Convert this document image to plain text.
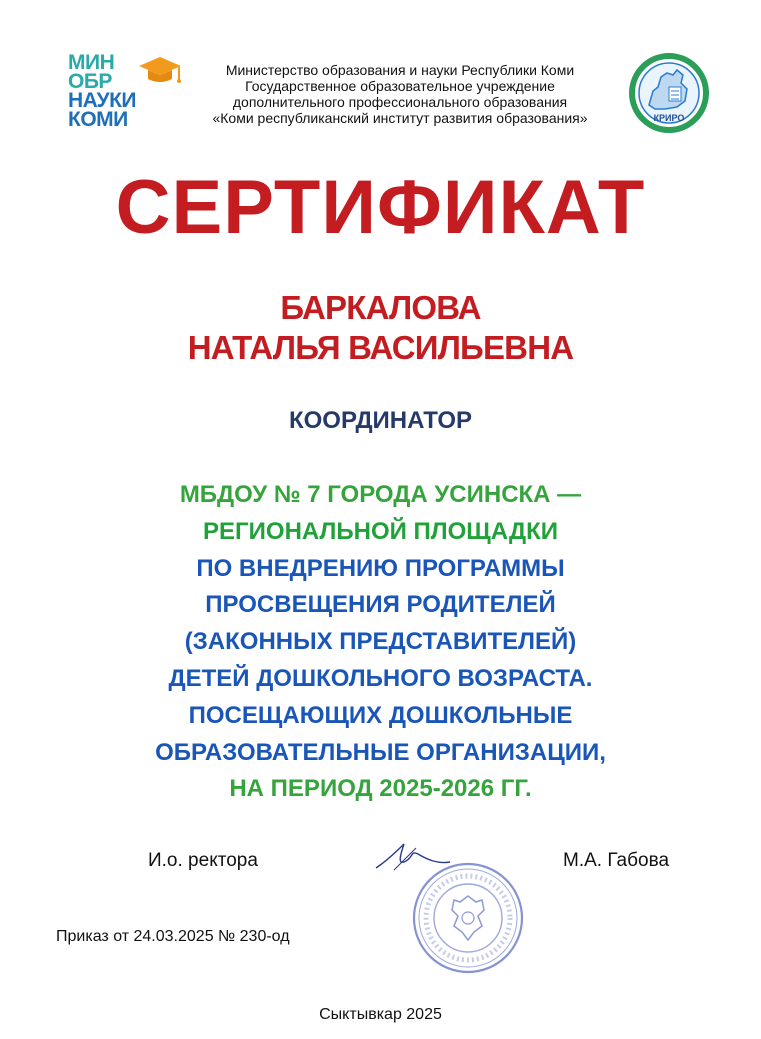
МИН
ОБР
НАУКИ
КОМИ
Министерство образования и науки Республики Коми
Государственное образовательное учреждение
дополнительного профессионального образования
«Коми республиканский институт развития образования»	КРИРО
СЕРТИФИКАТ
БАРКАЛОВА
НАТАЛЬЯ ВАСИЛЬЕВНА
КООРДИНАТОР
МБДОУ № 7 ГОРОДА УСИНСКА —
РЕГИОНАЛЬНОЙ ПЛОЩАДКИ
ПО ВНЕДРЕНИЮ ПРОГРАММЫ
ПРОСВЕЩЕНИЯ РОДИТЕЛЕЙ
(ЗАКОННЫХ ПРЕДСТАВИТЕЛЕЙ)
ДЕТЕЙ ДОШКОЛЬНОГО ВОЗРАСТА.
ПОСЕЩАЮЩИХ ДОШКОЛЬНЫЕ
ОБРАЗОВАТЕЛЬНЫЕ ОРГАНИЗАЦИИ,
НА ПЕРИОД 2025-2026 ГГ.
И.о. ректора	М.А. Габова
Приказ от 24.03.2025 № 230-од
Сыктывкар 2025
